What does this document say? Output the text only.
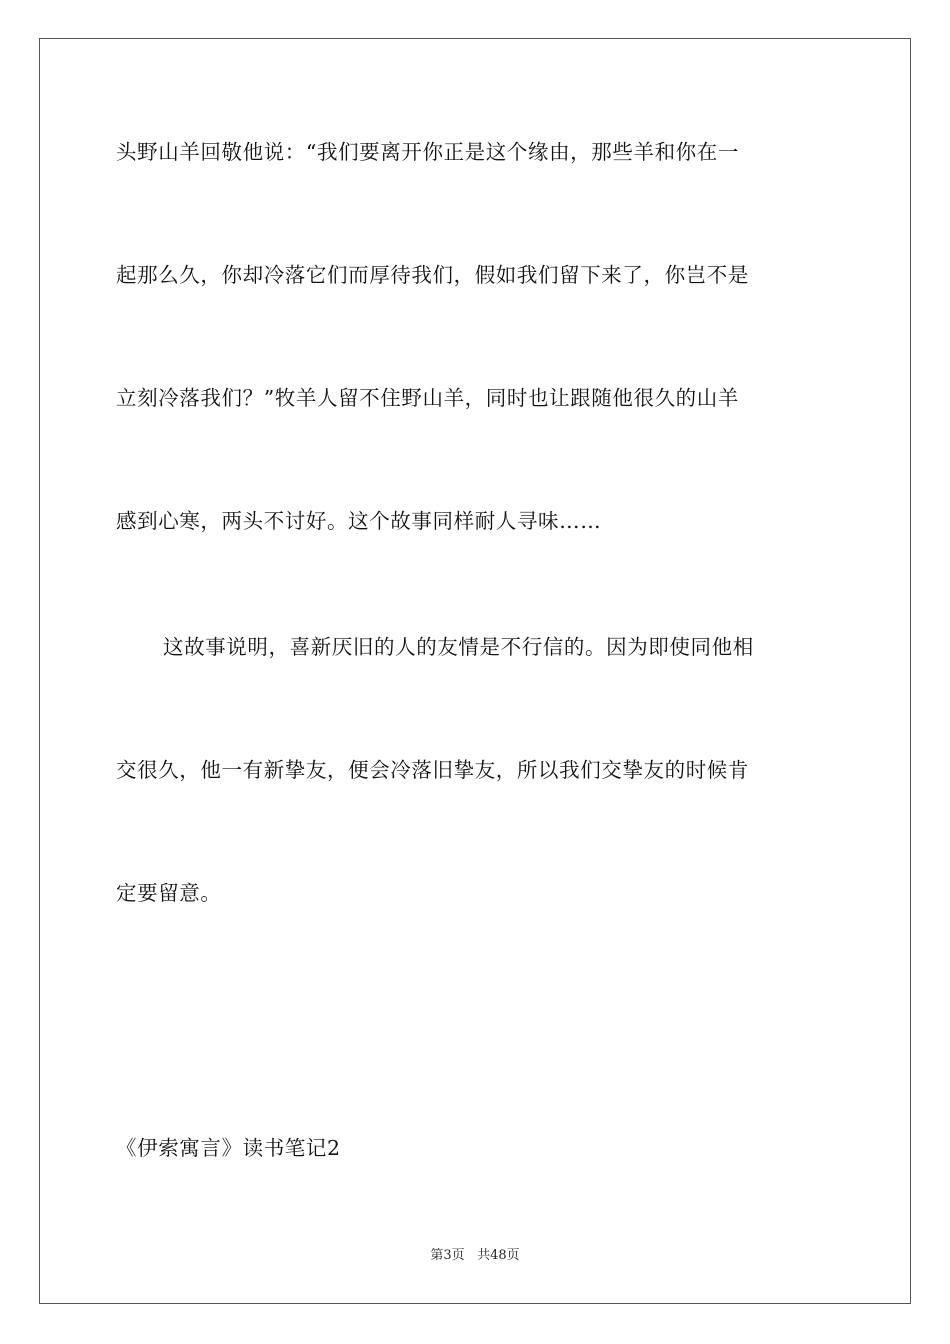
头野山羊回敬他说：“我们要离开你正是这个缘由，那些羊和你在一
起那么久，你却冷落它们而厚待我们，假如我们留下来了，你岂不是
立刻冷落我们？”牧羊人留不住野山羊，同时也让跟随他很久的山羊
感到心寒，两头不讨好。这个故事同样耐人寻味……
这故事说明，喜新厌旧的人的友情是不行信的。因为即使同他相
交很久，他一有新挚友，便会冷落旧挚友，所以我们交挚友的时候肯
定要留意。
《伊索寓言》读书笔记2
第3页 共48页
